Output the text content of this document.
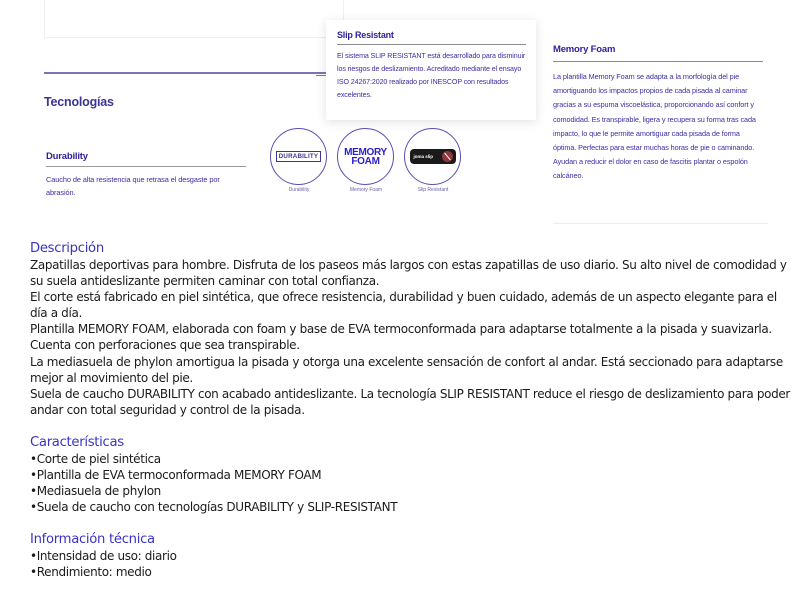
Tecnologías
Durability
Caucho de alta resistencia que retrasa el desgaste por abrasión.
DURABILITY
Durability
MEMORY
FOAM
Memory Foam
joma slip
Slip Resistant
Slip Resistant
El sistema SLIP RESISTANT está desarrollado para disminuir los riesgos de deslizamiento. Acreditado mediante el ensayo ISO 24267:2020 realizado por INESCOP con resultados excelentes.
Memory Foam
La plantilla Memory Foam se adapta a la morfología del pie amortiguando los impactos propios de cada pisada al caminar gracias a su espuma viscoelástica, proporcionando así confort y comodidad. Es transpirable, ligera y recupera su forma tras cada impacto, lo que le permite amortiguar cada pisada de forma óptima. Perfectas para estar muchas horas de pie o caminando. Ayudan a reducir el dolor en caso de fascitis plantar o espolón calcáneo.
Descripción
Zapatillas deportivas para hombre. Disfruta de los paseos más largos con estas zapatillas de uso diario. Su alto nivel de comodidad y su suela antideslizante permiten caminar con total confianza.
El corte está fabricado en piel sintética, que ofrece resistencia, durabilidad y buen cuidado, además de un aspecto elegante para el día a día.
Plantilla MEMORY FOAM, elaborada con foam y base de EVA termoconformada para adaptarse totalmente a la pisada y suavizarla. Cuenta con perforaciones que sea transpirable.
La mediasuela de phylon amortigua la pisada y otorga una excelente sensación de confort al andar. Está seccionado para adaptarse mejor al movimiento del pie.
Suela de caucho DURABILITY con acabado antideslizante. La tecnología SLIP RESISTANT reduce el riesgo de deslizamiento para poder andar con total seguridad y control de la pisada.
Características
• Corte de piel sintética
• Plantilla de EVA termoconformada MEMORY FOAM
• Mediasuela de phylon
• Suela de caucho con tecnologías DURABILITY y SLIP-RESISTANT
Información técnica
• Intensidad de uso: diario
• Rendimiento: medio
